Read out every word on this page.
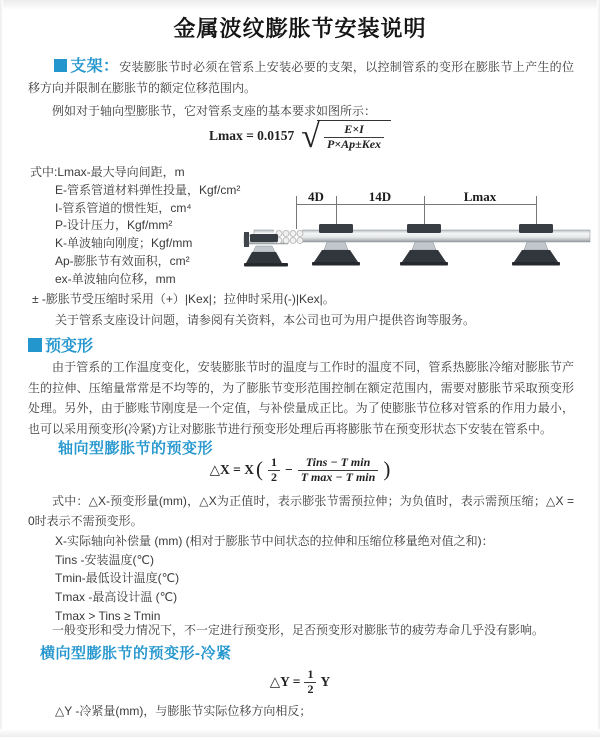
金属波纹膨胀节安装说明

支架：安装膨胀节时必须在管系上安装必要的支架，以控制管系的变形在膨胀节上产生的位移方向并限制在膨胀节的额定位移范围内。

例如对于轴向型膨胀节，它对管系支座的基本要求如图所示：

Lmax = 0.0157 √ $\frac{E\times I}{\text{P×Ap±Kex}}$
式中:Lmax-最大导向间距，m
E-管系管道材料弹性投量，Kgf/cm²
I-管系管道的惯性矩，cm⁴
P-设计压力，Kgf/mm²
K-单波轴向刚度；Kgf/mm
Ap-膨胀节有效面积，cm²
ex-单波轴向位移，mm
4D	14D	Lmax
± -膨胀节受压缩时采用（+）|Kex|；拉伸时采用(-)|Kex|。
关于管系支座设计问题，请参阅有关资料，本公司也可为用户提供咨询等服务。
预变形

由于管系的工作温度变化，安装膨胀节时的温度与工作时的温度不同，管系热膨胀冷缩对膨胀节产生的拉伸、压缩量常常是不均等的，为了膨胀节变形范围控制在额定范围内，需要对膨胀节采取预变形处理。另外，由于膨账节刚度是一个定值，与补偿量成正比。为了使膨胀节位移对管系的作用力最小，也可以采用预变形(冷紧)方让对膨胀节进行预变形处理后再将膨胀节在预变形状态下安装在管系中。

轴向型膨胀节的预变形
△X = X ( $\frac{1}{2} - \frac{\text{Tins − T min}}{\text{T max − T min}}$ )

式中：△X-预变形量(mm)，△X为正值时，表示膨张节需预拉伸；为负值时，表示需预压缩；△X = 0时表示不需预变形。

X-实际轴向补偿量 (mm) (相对于膨胀节中间状态的拉伸和压缩位移量绝对值之和)：
Tins -安装温度(℃)
Tmin-最低设计温度(℃)
Tmax -最高设计温 (℃)
Tmax > Tins ≥ Tmin

一般变形和受力情况下，不一定进行预变形，足否预变形对膨胀节的疲劳寿命几乎没有影响。

横向型膨胀节的预变形-冷紧
△Y = $\frac{1}{2}$ Y
△Y -冷紧量(mm)，与膨胀节实际位移方向相反；
